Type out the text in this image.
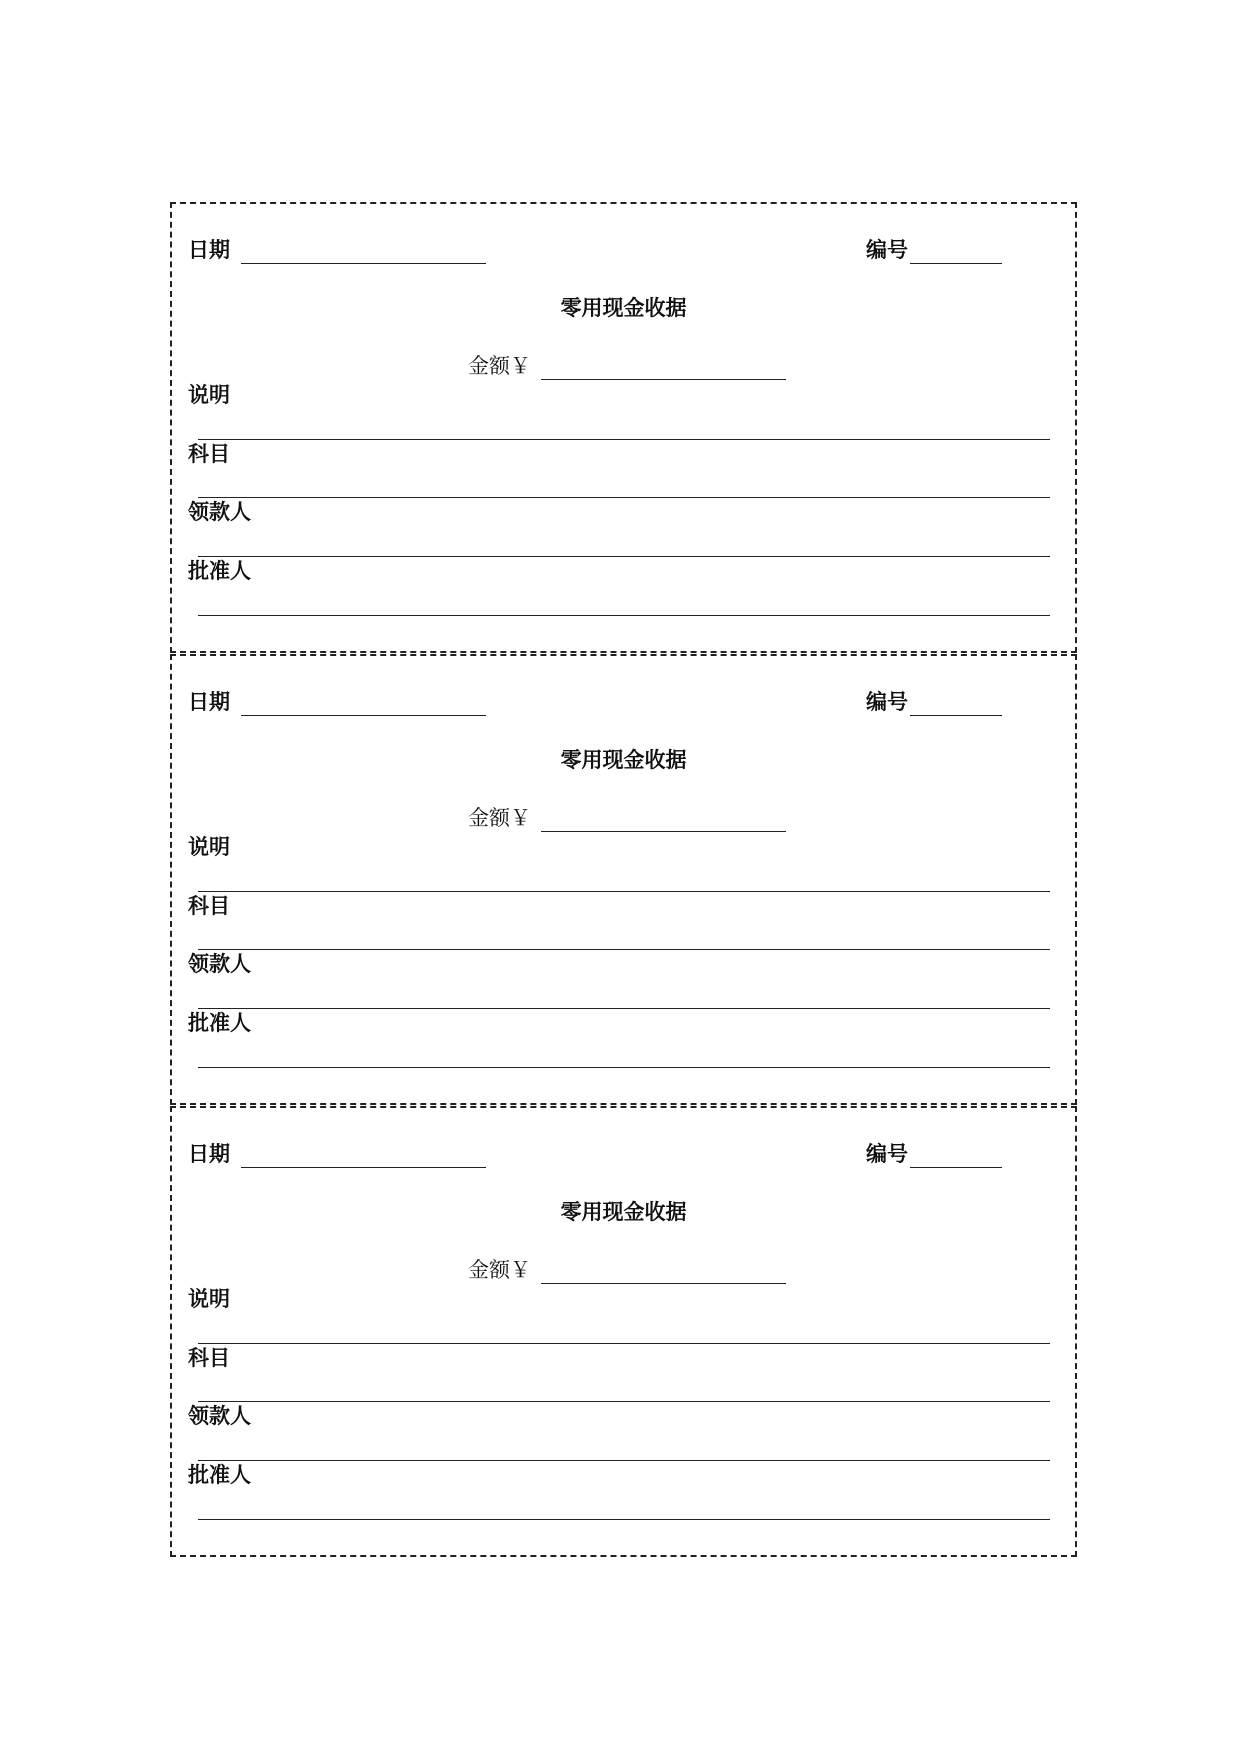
日期	编号
零用现金收据
金额￥
说明
科目
领款人
批准人
日期	编号
零用现金收据
金额￥
说明
科目
领款人
批准人
日期	编号
零用现金收据
金额￥
说明
科目
领款人
批准人
